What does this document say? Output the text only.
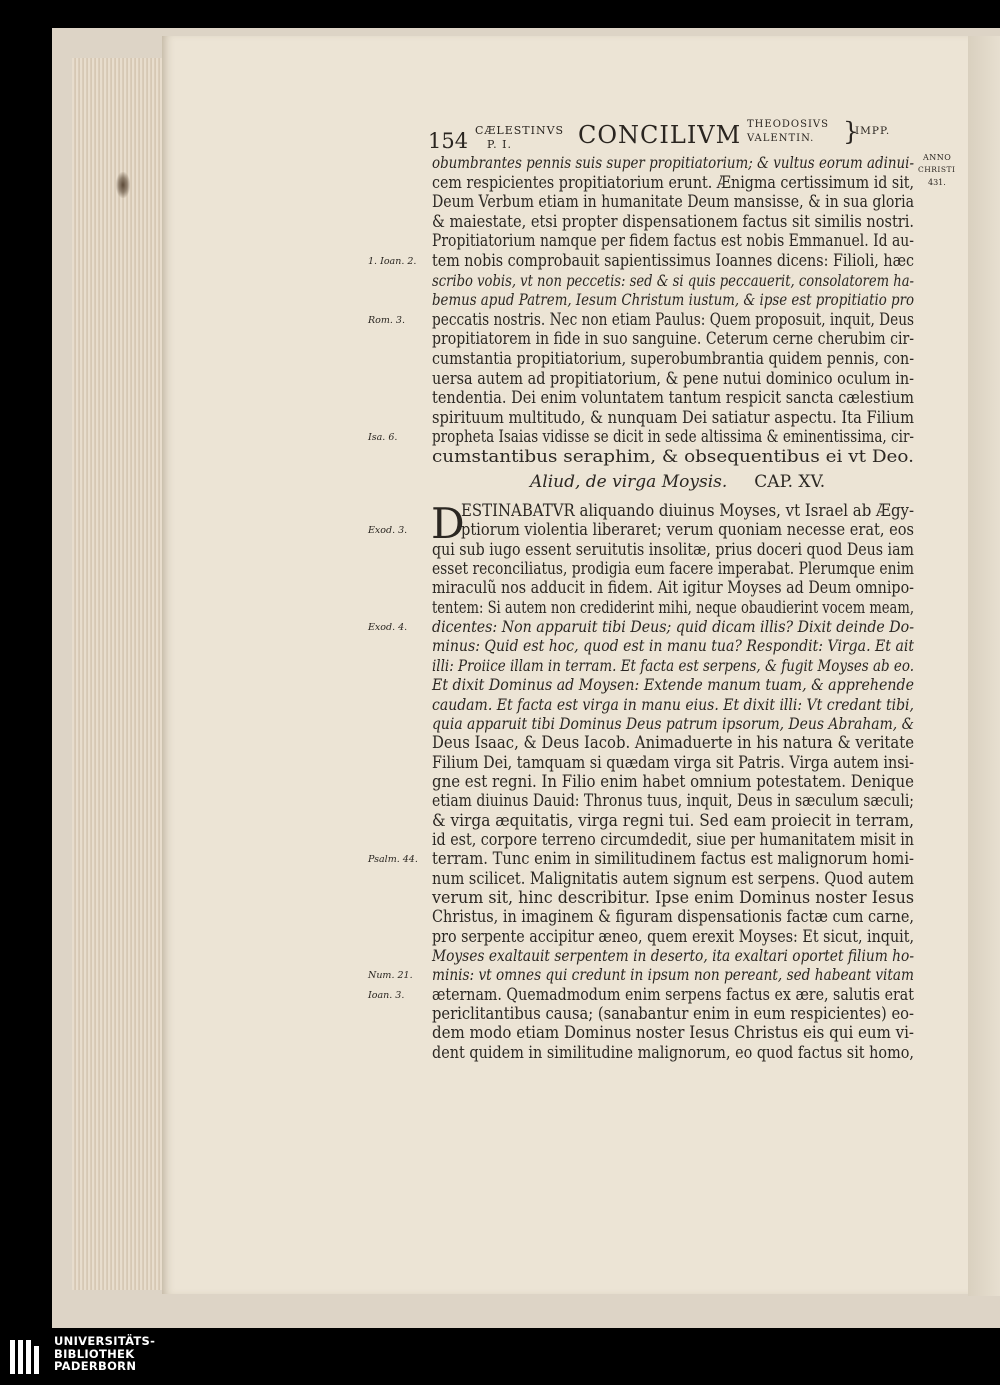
154 CÆLESTINVS
P. I.	CONCILIVM THEODOSIVS
VALENTIN. }
IMPP.
ANNO
CHRISTI
431.
Aliud, de virga Moysis. CAP. XV.
D
obumbrantes pennis suis super propitiatorium; & vultus eorum adinui-
cem respicientes propitiatorium erunt. Ænigma certissimum id sit,
Deum Verbum etiam in humanitate Deum mansisse, & in sua gloria
& maiestate, etsi propter dispensationem factus sit similis nostri.
Propitiatorium namque per fidem factus est nobis Emmanuel. Id au-
tem nobis comprobauit sapientissimus Ioannes dicens: Filioli, hæc
scribo vobis, vt non peccetis: sed & si quis peccauerit, consolatorem ha-
bemus apud Patrem, Iesum Christum iustum, & ipse est propitiatio pro
peccatis nostris. Nec non etiam Paulus: Quem proposuit, inquit, Deus
propitiatorem in fide in suo sanguine. Ceterum cerne cherubim cir-
cumstantia propitiatorium, superobumbrantia quidem pennis, con-
uersa autem ad propitiatorium, & pene nutui dominico oculum in-
tendentia. Dei enim voluntatem tantum respicit sancta cælestium
spirituum multitudo, & nunquam Dei satiatur aspectu. Ita Filium
propheta Isaias vidisse se dicit in sede altissima & eminentissima, cir-
cumstantibus seraphim, & obsequentibus ei vt Deo.
ESTINABATVR aliquando diuinus Moyses, vt Israel ab Ægy-
ptiorum violentia liberaret; verum quoniam necesse erat, eos
qui sub iugo essent seruitutis insolitæ, prius doceri quod Deus iam
esset reconciliatus, prodigia eum facere imperabat. Plerumque enim
miraculũ nos adducit in fidem. Ait igitur Moyses ad Deum omnipo-
tentem: Si autem non crediderint mihi, neque obaudierint vocem meam,
dicentes: Non apparuit tibi Deus; quid dicam illis? Dixit deinde Do-
minus: Quid est hoc, quod est in manu tua? Respondit: Virga. Et ait
illi: Proiice illam in terram. Et facta est serpens, & fugit Moyses ab eo.
Et dixit Dominus ad Moysen: Extende manum tuam, & apprehende
caudam. Et facta est virga in manu eius. Et dixit illi: Vt credant tibi,
quia apparuit tibi Dominus Deus patrum ipsorum, Deus Abraham, &
Deus Isaac, & Deus Iacob. Animaduerte in his natura & veritate
Filium Dei, tamquam si quædam virga sit Patris. Virga autem insi-
gne est regni. In Filio enim habet omnium potestatem. Denique
etiam diuinus Dauid: Thronus tuus, inquit, Deus in sæculum sæculi;
& virga æquitatis, virga regni tui. Sed eam proiecit in terram,
id est, corpore terreno circumdedit, siue per humanitatem misit in
terram. Tunc enim in similitudinem factus est malignorum homi-
num scilicet. Malignitatis autem signum est serpens. Quod autem
verum sit, hinc describitur. Ipse enim Dominus noster Iesus
Christus, in imaginem & figuram dispensationis factæ cum carne,
pro serpente accipitur æneo, quem erexit Moyses: Et sicut, inquit,
Moyses exaltauit serpentem in deserto, ita exaltari oportet filium ho-
minis: vt omnes qui credunt in ipsum non pereant, sed habeant vitam
æternam. Quemadmodum enim serpens factus ex ære, salutis erat
periclitantibus causa; (sanabantur enim in eum respicientes) eo-
dem modo etiam Dominus noster Iesus Christus eis qui eum vi-
dent quidem in similitudine malignorum, eo quod factus sit homo,
1. Ioan. 2.
Rom. 3.
Isa. 6.
Exod. 3.
Exod. 4.
Psalm. 44.
Num. 21.
Ioan. 3.
UNIVERSITÄTS-
BIBLIOTHEK
PADERBORN
